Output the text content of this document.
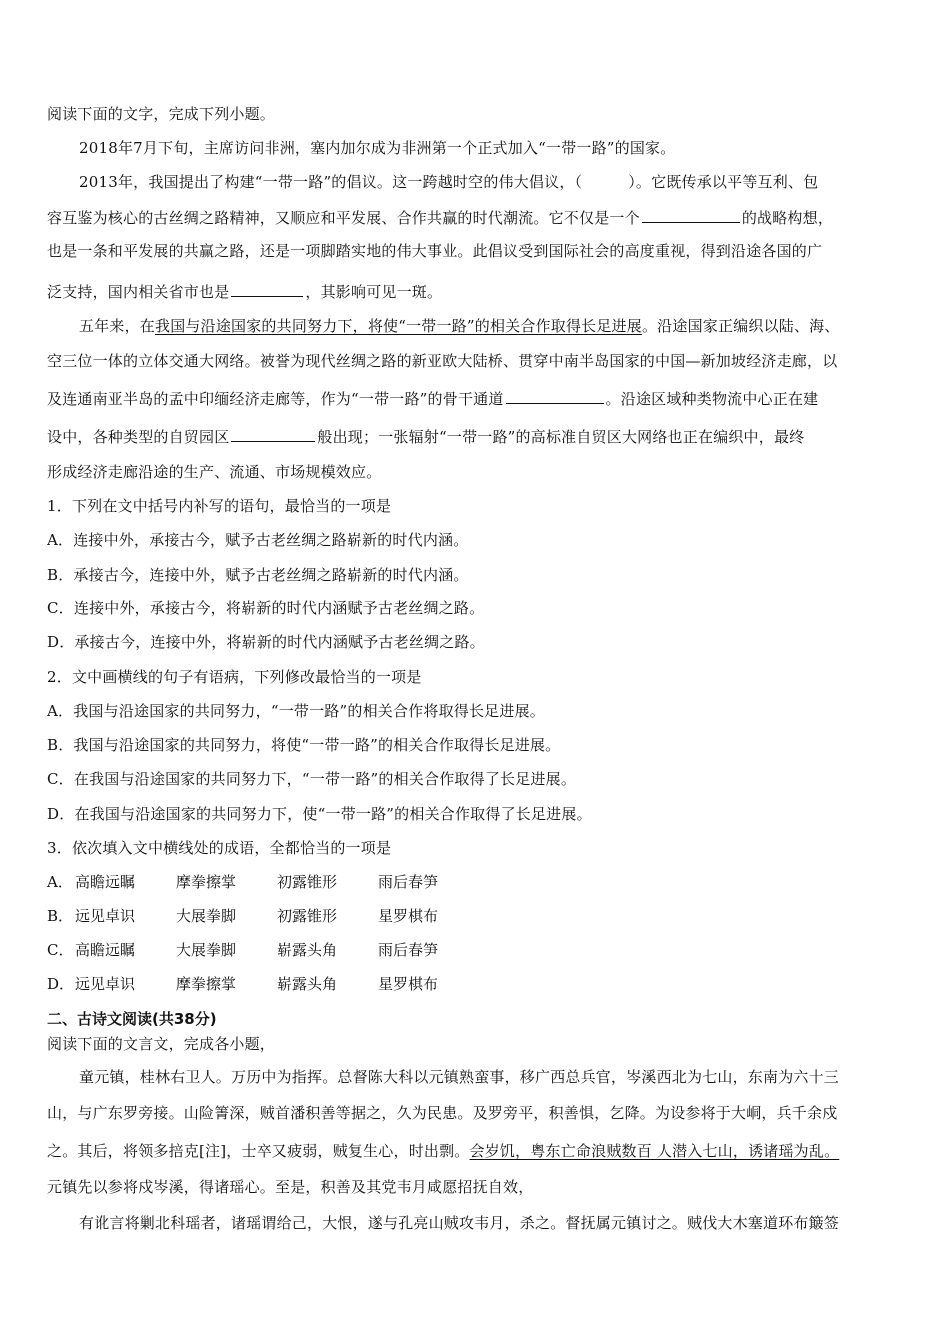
阅读下面的文字，完成下列小题。
2018年7月下旬，主席访问非洲，塞内加尔成为非洲第一个正式加入“一带一路”的国家。
2013年，我国提出了构建“一带一路”的倡议。这一跨越时空的伟大倡议，（	）。它既传承以平等互利、包
容互鉴为核心的古丝绸之路精神，又顺应和平发展、合作共赢的时代潮流。它不仅是一个	的战略构想，
也是一条和平发展的共赢之路，还是一项脚踏实地的伟大事业。此倡议受到国际社会的高度重视，得到沿途各国的广
泛支持，国内相关省市也是	，其影响可见一斑。
五年来，在我国与沿途国家的共同努力下，将使“一带一路”的相关合作取得长足进展。沿途国家正编织以陆、海、
空三位一体的立体交通大网络。被誉为现代丝绸之路的新亚欧大陆桥、贯穿中南半岛国家的中国—新加坡经济走廊，以
及连通南亚半岛的孟中印缅经济走廊等，作为“一带一路”的骨干通道	。沿途区域种类物流中心正在建
设中，各种类型的自贸园区	般出现；一张辐射“一带一路”的高标准自贸区大网络也正在编织中，最终
形成经济走廊沿途的生产、流通、市场规模效应。
1．下列在文中括号内补写的语句，最恰当的一项是
A．连接中外，承接古今，赋予古老丝绸之路崭新的时代内涵。
B．承接古今，连接中外，赋予古老丝绸之路崭新的时代内涵。
C．连接中外，承接古今，将崭新的时代内涵赋予古老丝绸之路。
D．承接古今，连接中外，将崭新的时代内涵赋予古老丝绸之路。
2．文中画横线的句子有语病，下列修改最恰当的一项是
A．我国与沿途国家的共同努力，“一带一路”的相关合作将取得长足进展。
B．我国与沿途国家的共同努力，将使“一带一路”的相关合作取得长足进展。
C．在我国与沿途国家的共同努力下，“一带一路”的相关合作取得了长足进展。
D．在我国与沿途国家的共同努力下，使“一带一路”的相关合作取得了长足进展。
3．依次填入文中横线处的成语，全都恰当的一项是
A． 高瞻远瞩	摩拳擦掌	初露锥形	雨后春笋
B． 远见卓识	大展拳脚	初露锥形	星罗棋布
C． 高瞻远瞩	大展拳脚	崭露头角	雨后春笋
D．远见卓识	摩拳擦掌	崭露头角	星罗棋布
二、古诗文阅读(共38分)
阅读下面的文言文，完成各小题，
童元镇，桂林右卫人。万历中为指挥。总督陈大科以元镇熟蛮事，移广西总兵官，岑溪西北为七山，东南为六十三
山，与广东罗旁接。山险箐深，贼首潘积善等据之，久为民患。及罗旁平，积善惧，乞降。为设参将于大峒，兵千余戍
之。其后，将领多掊克[注]，士卒又疲弱，贼复生心，时出剽。会岁饥，粤东亡命浪贼数百 人潜入七山，诱诸瑶为乱。
元镇先以参将戍岑溪，得诸瑶心。至是，积善及其党韦月咸愿招抚自效，
有讹言将剿北科瑶者，诸瑶谓给己，大恨，遂与孔亮山贼攻韦月，杀之。督抚属元镇讨之。贼伐大木塞道环布簸签
